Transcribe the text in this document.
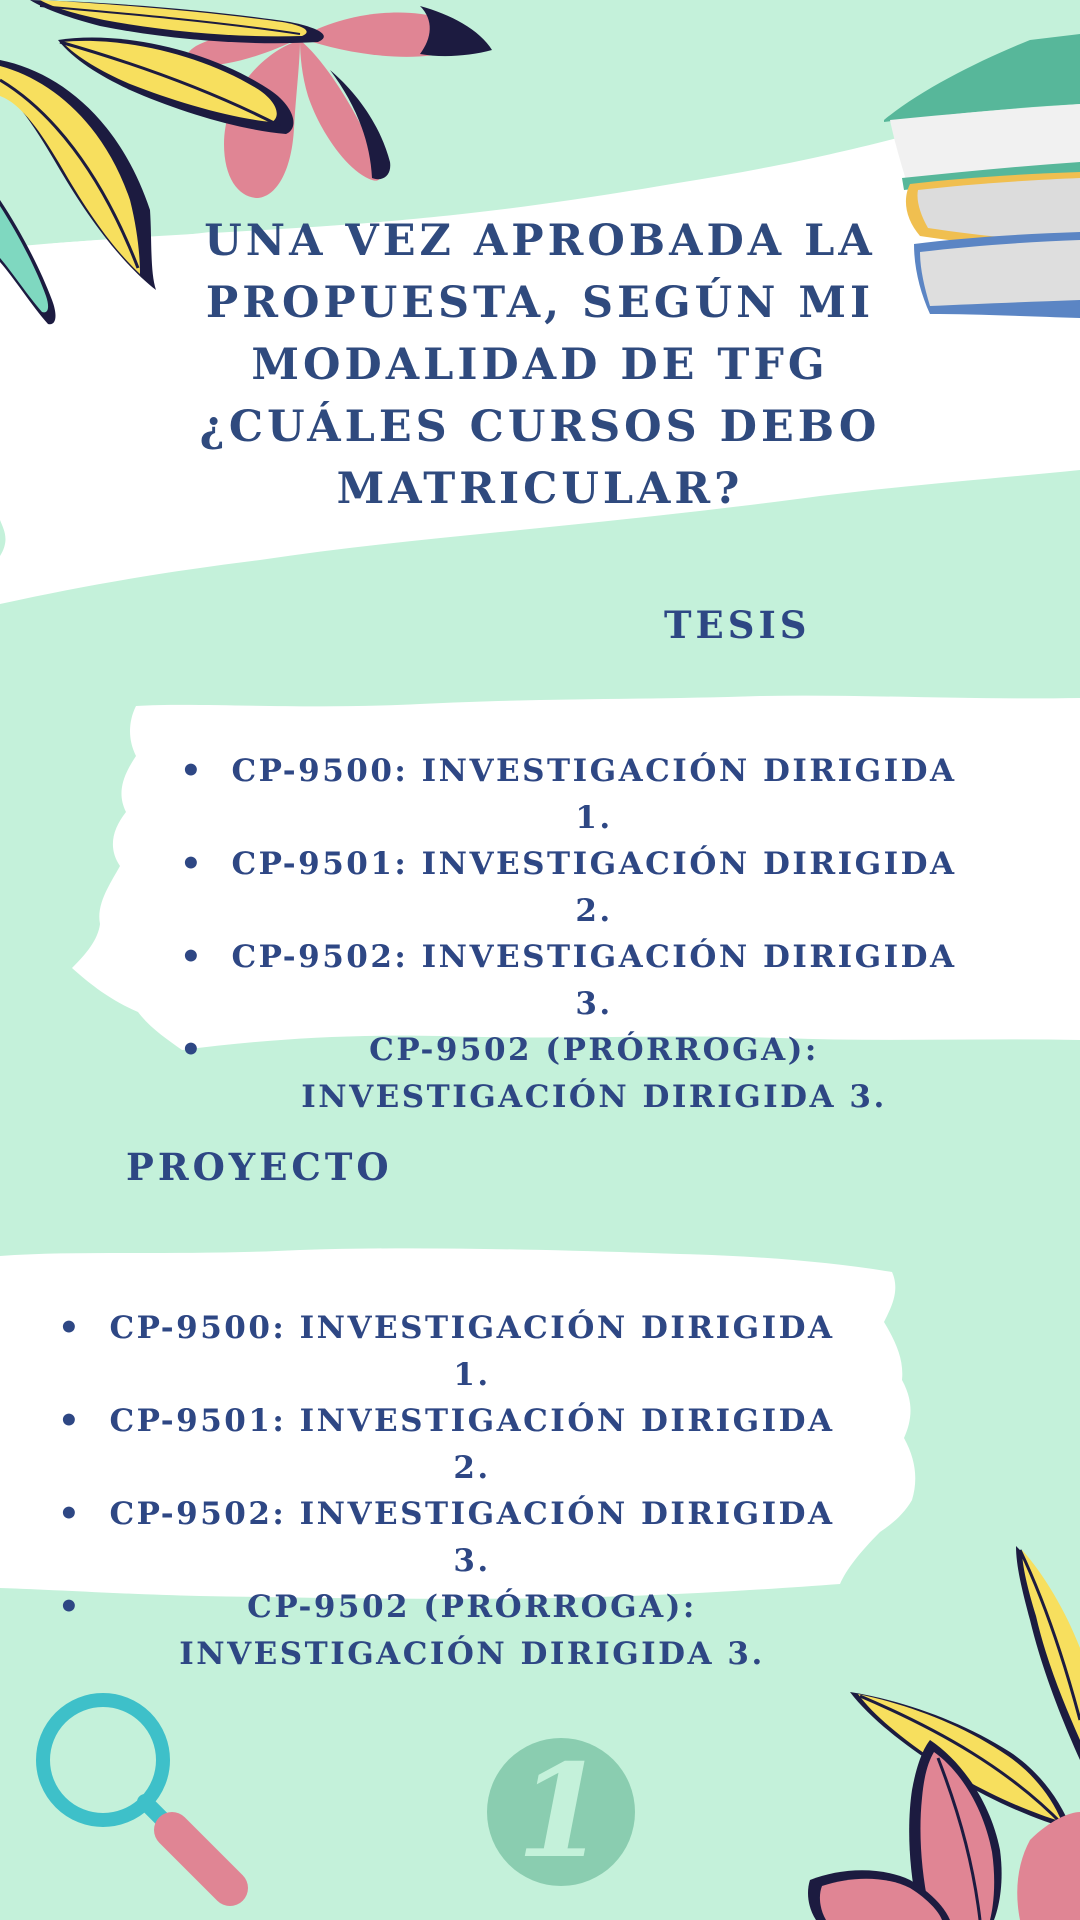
UNA VEZ APROBADA LA PROPUESTA, SEGÚN MI MODALIDAD DE TFG ¿CUÁLES CURSOS DEBO MATRICULAR?
TESIS
• CP-9500: INVESTIGACIÓN DIRIGIDA 1.
• CP-9501: INVESTIGACIÓN DIRIGIDA 2.
• CP-9502: INVESTIGACIÓN DIRIGIDA 3.
• CP-9502 (PRÓRROGA): INVESTIGACIÓN DIRIGIDA 3.
PROYECTO
• CP-9500: INVESTIGACIÓN DIRIGIDA 1.
• CP-9501: INVESTIGACIÓN DIRIGIDA 2.
• CP-9502: INVESTIGACIÓN DIRIGIDA 3.
• CP-9502 (PRÓRROGA): INVESTIGACIÓN DIRIGIDA 3.
1
